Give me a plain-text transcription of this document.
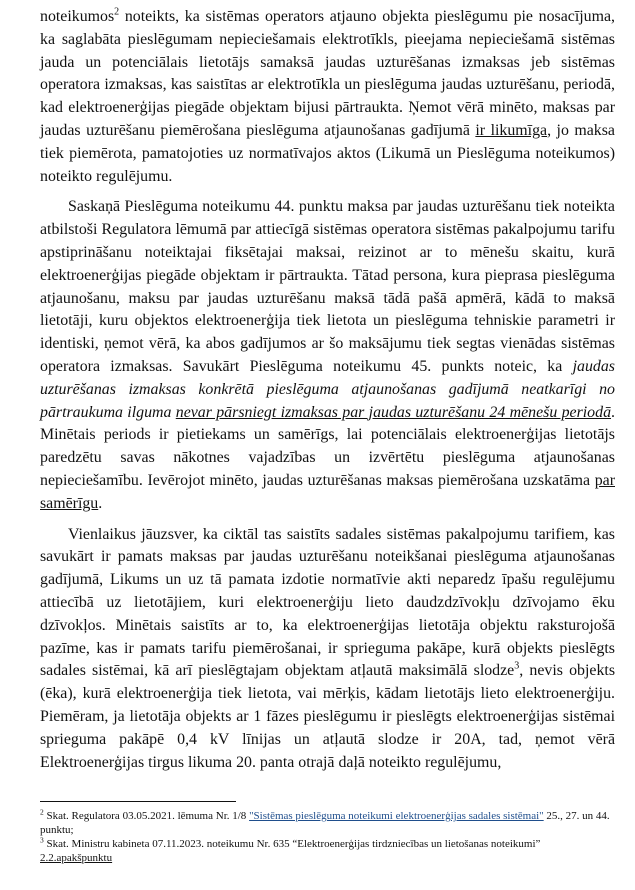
noteikumos$^2$ noteikts, ka sistēmas operators atjauno objekta pieslēgumu pie nosacījuma, ka saglabāta pieslēgumam nepieciešamais elektrotīkls, pieejama nepieciešamā sistēmas jauda un potenciālais lietotājs samaksā jaudas uzturēšanas izmaksas jeb sistēmas operatora izmaksas, kas saistītas ar elektrotīkla un pieslēguma jaudas uzturēšanu, periodā, kad elektroenerģijas piegāde objektam bijusi pārtraukta. Ņemot vērā minēto, maksas par jaudas uzturēšanu piemērošana pieslēguma atjaunošanas gadījumā ir likumīga, jo maksa tiek piemērota, pamatojoties uz normatīvajos aktos (Likumā un Pieslēguma noteikumos) noteikto regulējumu.

Saskaņā Pieslēguma noteikumu 44. punktu maksa par jaudas uzturēšanu tiek noteikta atbilstoši Regulatora lēmumā par attiecīgā sistēmas operatora sistēmas pakalpojumu tarifu apstiprināšanu noteiktajai fiksētajai maksai, reizinot ar to mēnešu skaitu, kurā elektroenerģijas piegāde objektam ir pārtraukta. Tātad persona, kura pieprasa pieslēguma atjaunošanu, maksu par jaudas uzturēšanu maksā tādā pašā apmērā, kādā to maksā lietotāji, kuru objektos elektroenerģija tiek lietota un pieslēguma tehniskie parametri ir identiski, ņemot vērā, ka abos gadījumos ar šo maksājumu tiek segtas vienādas sistēmas operatora izmaksas. Savukārt Pieslēguma noteikumu 45. punkts noteic, ka jaudas uzturēšanas izmaksas konkrētā pieslēguma atjaunošanas gadījumā neatkarīgi no pārtraukuma ilguma nevar pārsniegt izmaksas par jaudas uzturēšanu 24 mēnešu periodā. Minētais periods ir pietiekams un samērīgs, lai potenciālais elektroenerģijas lietotājs paredzētu savas nākotnes vajadzības un izvērtētu pieslēguma atjaunošanas nepieciešamību. Ievērojot minēto, jaudas uzturēšanas maksas piemērošana uzskatāma par samērīgu.

Vienlaikus jāuzsver, ka ciktāl tas saistīts sadales sistēmas pakalpojumu tarifiem, kas savukārt ir pamats maksas par jaudas uzturēšanu noteikšanai pieslēguma atjaunošanas gadījumā, Likums un uz tā pamata izdotie normatīvie akti neparedz īpašu regulējumu attiecībā uz lietotājiem, kuri elektroenerģiju lieto daudzdzīvokļu dzīvojamo ēku dzīvokļos. Minētais saistīts ar to, ka elektroenerģijas lietotāja objektu raksturojošā pazīme, kas ir pamats tarifu piemērošanai, ir sprieguma pakāpe, kurā objekts pieslēgts sadales sistēmai, kā arī pieslēgtajam objektam atļautā maksimālā slodze$^3$, nevis objekts (ēka), kurā elektroenerģija tiek lietota, vai mērķis, kādam lietotājs lieto elektroenerģiju. Piemēram, ja lietotāja objekts ar 1 fāzes pieslēgumu ir pieslēgts elektroenerģijas sistēmai sprieguma pakāpē 0,4 kV līnijas un atļautā slodze ir 20A, tad, ņemot vērā Elektroenerģijas tirgus likuma 20. panta otrajā daļā noteikto regulējumu,

$^2$ Skat. Regulatora 03.05.2021. lēmuma Nr. 1/8 "Sistēmas pieslēguma noteikumi elektroenerģijas sadales sistēmai" 25., 27. un 44. punktu;

$^3$ Skat. Ministru kabineta 07.11.2023. noteikumu Nr. 635 “Elektroenerģijas tirdzniecības un lietošanas noteikumi” 2.2.apakšpunktu
